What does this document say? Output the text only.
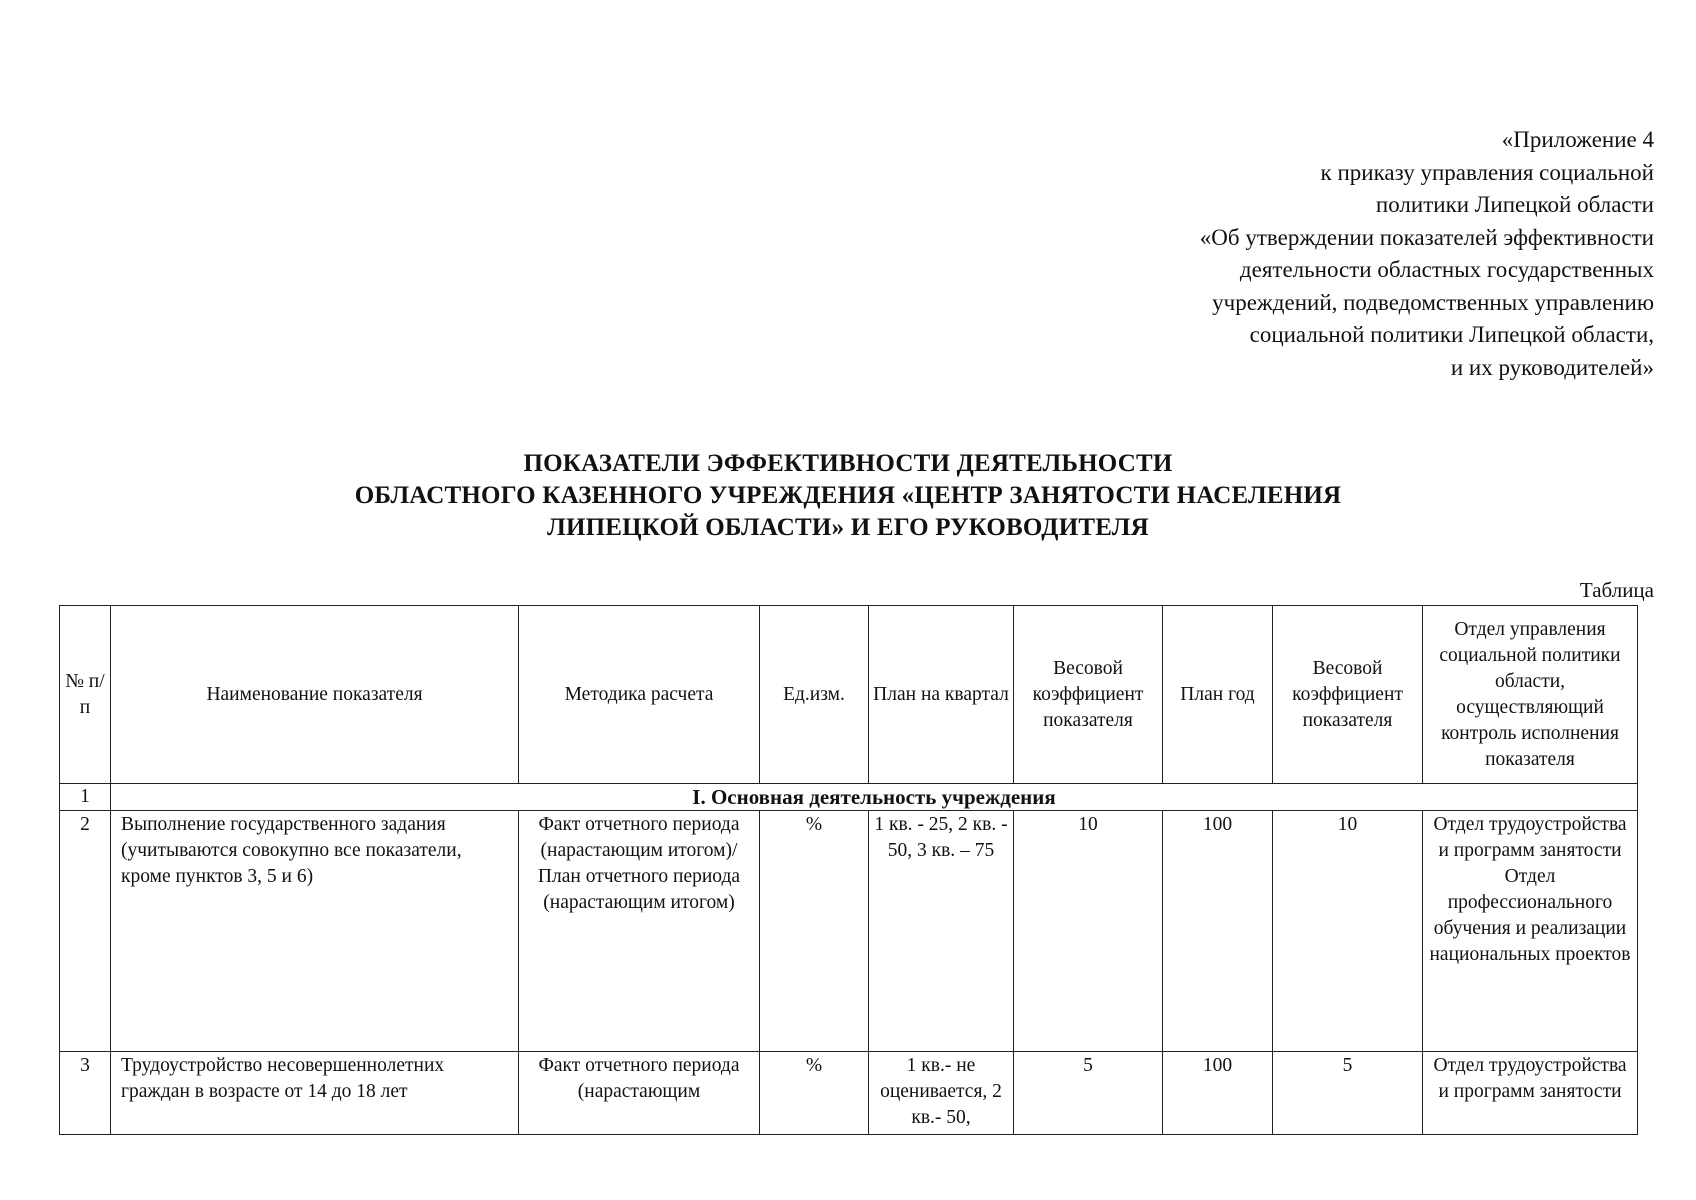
«Приложение 4
к приказу управления социальной
политики Липецкой области
«Об утверждении показателей эффективности
деятельности областных государственных
учреждений, подведомственных управлению
социальной политики Липецкой области,
и их руководителей»
ПОКАЗАТЕЛИ ЭФФЕКТИВНОСТИ ДЕЯТЕЛЬНОСТИ
ОБЛАСТНОГО КАЗЕННОГО УЧРЕЖДЕНИЯ «ЦЕНТР ЗАНЯТОСТИ НАСЕЛЕНИЯ
ЛИПЕЦКОЙ ОБЛАСТИ» И ЕГО РУКОВОДИТЕЛЯ
Таблица
№ п/п	Наименование показателя	Методика расчета	Ед.изм.	План на квартал	Весовой коэффициент показателя	План год	Весовой коэффициент показателя	Отдел управления социальной политики области, осуществляющий контроль исполнения показателя
1	I. Основная деятельность учреждения							
2	Выполнение государственного задания (учитываются совокупно все показатели, кроме пунктов 3, 5 и 6)	Факт отчетного периода (нарастающим итогом)/ План отчетного периода (нарастающим итогом)	%	1 кв. - 25, 2 кв. - 50, 3 кв. – 75	10	100	10	Отдел трудоустройства и программ занятости Отдел профессионального обучения и реализации национальных проектов
3	Трудоустройство несовершеннолетних граждан в возрасте от 14 до 18 лет	Факт отчетного периода (нарастающим	%	1 кв.- не оценивается, 2 кв.- 50,	5	100	5	Отдел трудоустройства и программ занятости
